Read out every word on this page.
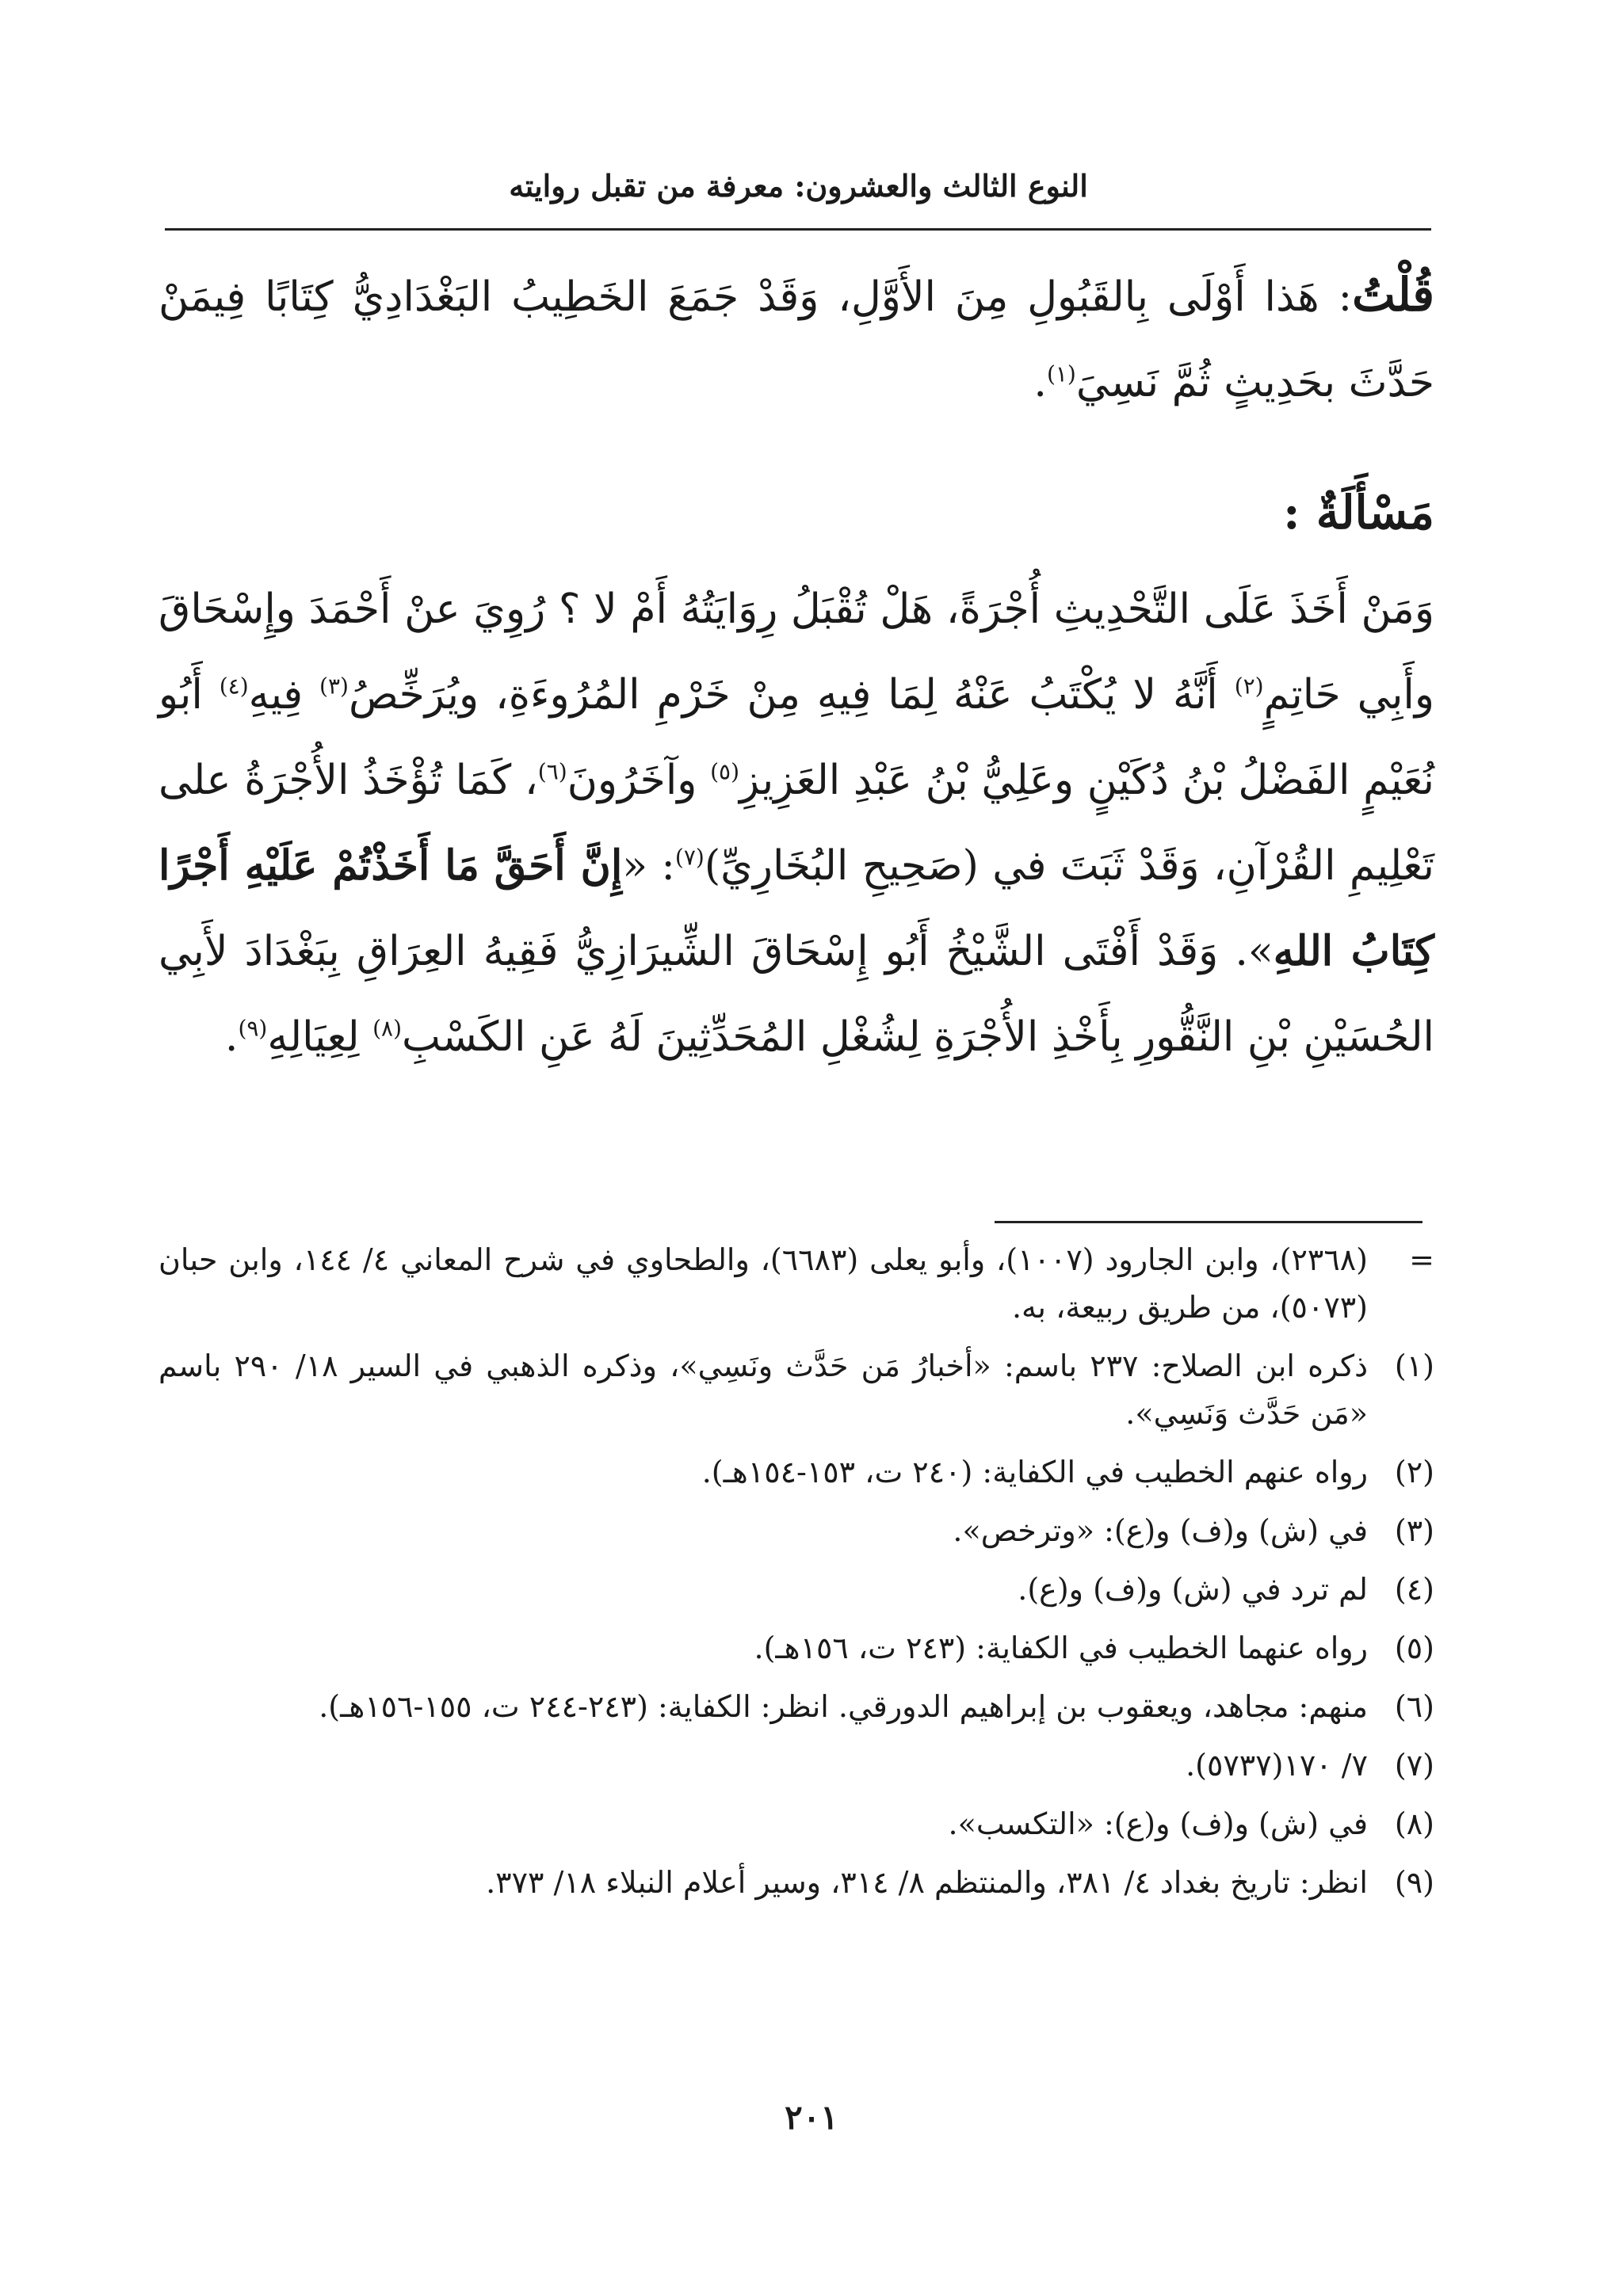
النوع الثالث والعشرون: معرفة من تقبل روايته

قُلْتُ: هَذا أَوْلَى بِالقَبُولِ مِنَ الأَوَّلِ، وَقَدْ جَمَعَ الخَطِيبُ البَغْدَادِيُّ كِتَابًا فِيمَنْ حَدَّثَ بحَدِيثٍ ثُمَّ نَسِيَ$^{(١)}$.

مَسْأَلَةٌ :

وَمَنْ أَخَذَ عَلَى التَّحْدِيثِ أُجْرَةً، هَلْ تُقْبَلُ رِوَايَتُهُ أَمْ لا ؟ رُوِيَ عنْ أَحْمَدَ وإِسْحَاقَ وأَبِي حَاتِمٍ$^{(٢)}$ أَنَّهُ لا يُكْتَبُ عَنْهُ لِمَا فِيهِ مِنْ خَرْمِ المُرُوءَةِ، ويُرَخِّصُ$^{(٣)}$ فِيهِ$^{(٤)}$ أَبُو نُعَيْمٍ الفَضْلُ بْنُ دُكَيْنٍ وعَلِيُّ بْنُ عَبْدِ العَزِيزِ$^{(٥)}$ وآخَرُونَ$^{(٦)}$، كَمَا تُؤْخَذُ الأُجْرَةُ على تَعْلِيمِ القُرْآنِ، وَقَدْ ثَبَتَ في (صَحِيحِ البُخَارِيِّ)$^{(٧)}$: «إِنَّ أَحَقَّ مَا أَخَذْتُمْ عَلَيْهِ أَجْرًا كِتَابُ اللهِ». وَقَدْ أَفْتَى الشَّيْخُ أَبُو إِسْحَاقَ الشِّيرَازِيُّ فَقِيهُ العِرَاقِ بِبَغْدَادَ لأَبِي الحُسَيْنِ بْنِ النَّقُّورِ بِأَخْذِ الأُجْرَةِ لِشُغْلِ المُحَدِّثِينَ لَهُ عَنِ الكَسْبِ$^{(٨)}$ لِعِيَالِهِ$^{(٩)}$.

=
(٢٣٦٨)، وابن الجارود (١٠٠٧)، وأبو يعلى (٦٦٨٣)، والطحاوي في شرح المعاني ٤/ ١٤٤، وابن حبان (٥٠٧٣)، من طريق ربيعة، به.
(١)
ذكره ابن الصلاح: ٢٣٧ باسم: «أخبارُ مَن حَدَّث ونَسِي»، وذكره الذهبي في السير ١٨/ ٢٩٠ باسم «مَن حَدَّث وَنَسِي».
(٢)
رواه عنهم الخطيب في الكفاية: (٢٤٠ ت، ١٥٣-١٥٤هـ).
(٣)
في (ش) و(ف) و(ع): «وترخص».
(٤)
لم ترد في (ش) و(ف) و(ع).
(٥)
رواه عنهما الخطيب في الكفاية: (٢٤٣ ت، ١٥٦هـ).
(٦)
منهم: مجاهد، ويعقوب بن إبراهيم الدورقي. انظر: الكفاية: (٢٤٣-٢٤٤ ت، ١٥٥-١٥٦هـ).
(٧)
٧/ ١٧٠(٥٧٣٧).
(٨)
في (ش) و(ف) و(ع): «التكسب».
(٩)
انظر: تاريخ بغداد ٤/ ٣٨١، والمنتظم ٨/ ٣١٤، وسير أعلام النبلاء ١٨/ ٣٧٣.
٢٠١
